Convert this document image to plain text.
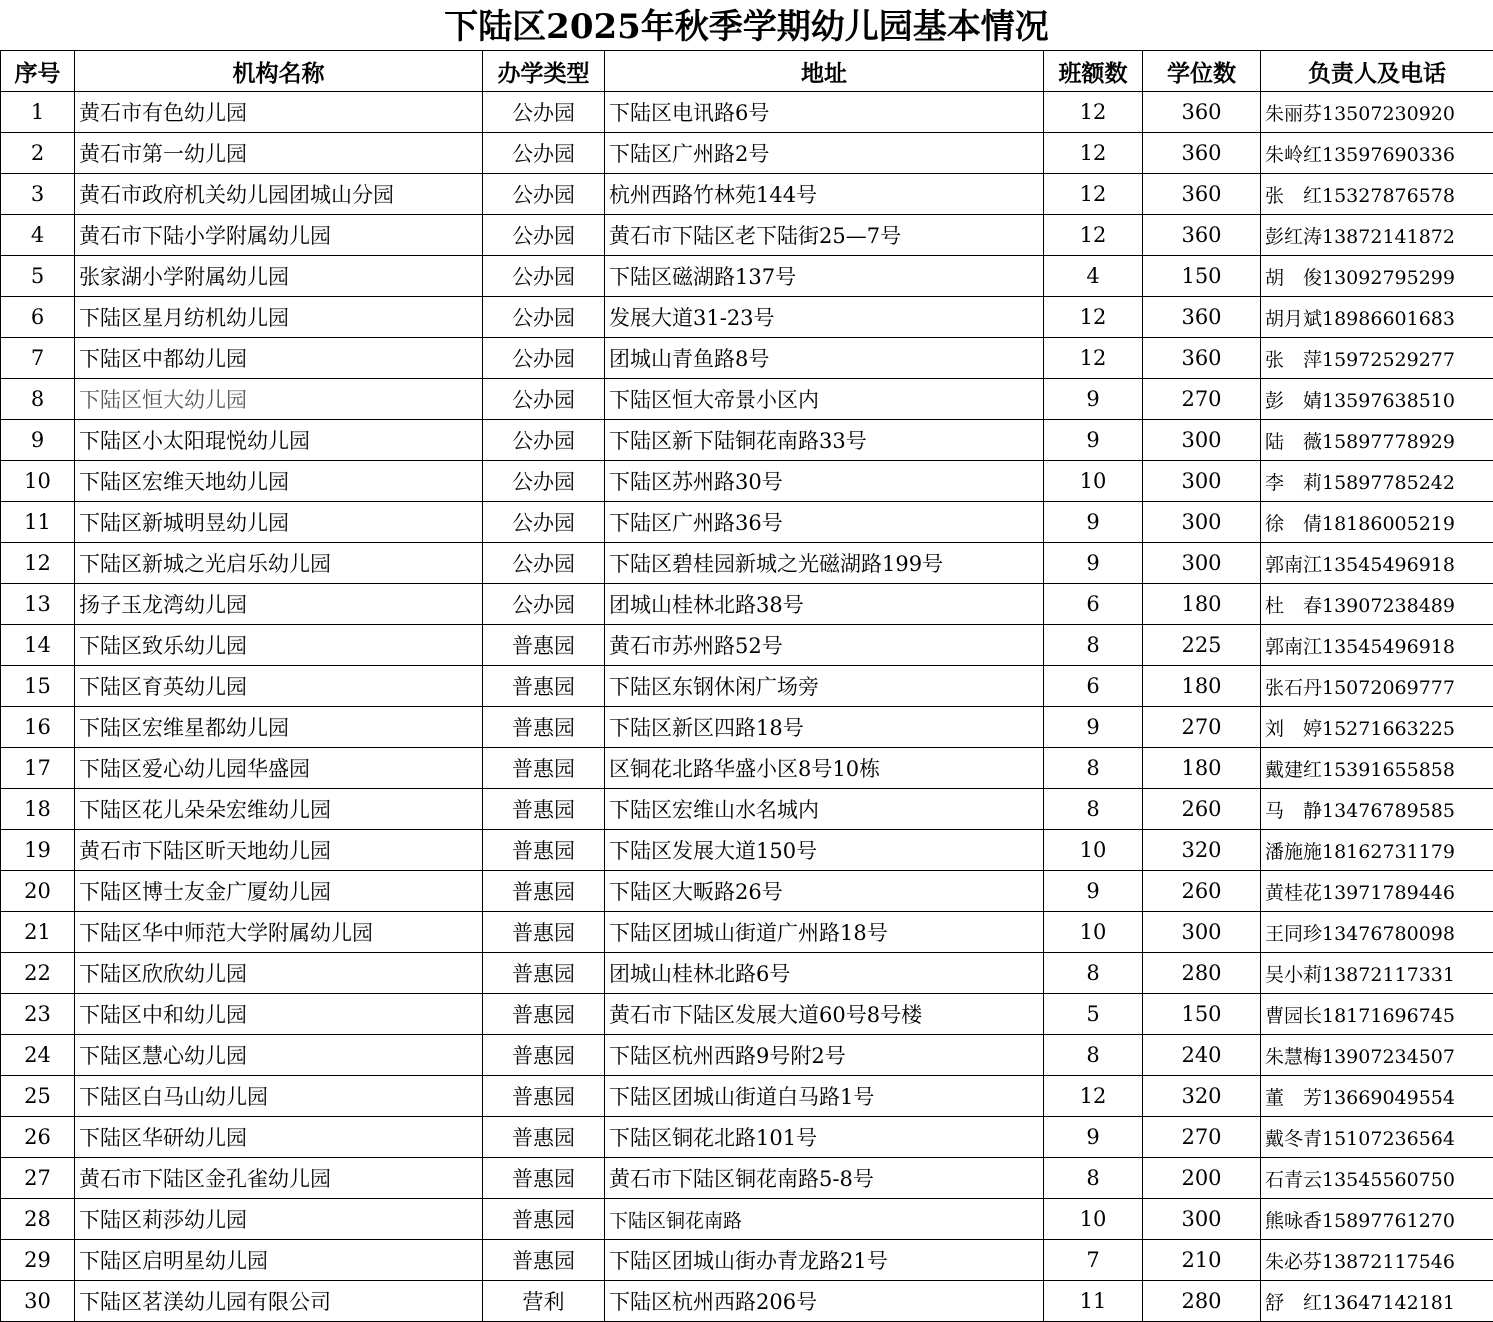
下陆区2025年秋季学期幼儿园基本情况
序号	机构名称	办学类型	地址	班额数	学位数	负责人及电话
1	黄石市有色幼儿园	公办园	下陆区电讯路6号	12	360	朱丽芬13507230920
2	黄石市第一幼儿园	公办园	下陆区广州路2号	12	360	朱岭红13597690336
3	黄石市政府机关幼儿园团城山分园	公办园	杭州西路竹林苑144号	12	360	张　红15327876578
4	黄石市下陆小学附属幼儿园	公办园	黄石市下陆区老下陆街25—7号	12	360	彭红涛13872141872
5	张家湖小学附属幼儿园	公办园	下陆区磁湖路137号	4	150	胡　俊13092795299
6	下陆区星月纺机幼儿园	公办园	发展大道31-23号	12	360	胡月斌18986601683
7	下陆区中都幼儿园	公办园	团城山青鱼路8号	12	360	张　萍15972529277
8	下陆区恒大幼儿园	公办园	下陆区恒大帝景小区内	9	270	彭　婧13597638510
9	下陆区小太阳琨悦幼儿园	公办园	下陆区新下陆铜花南路33号	9	300	陆　薇15897778929
10	下陆区宏维天地幼儿园	公办园	下陆区苏州路30号	10	300	李　莉15897785242
11	下陆区新城明昱幼儿园	公办园	下陆区广州路36号	9	300	徐　倩18186005219
12	下陆区新城之光启乐幼儿园	公办园	下陆区碧桂园新城之光磁湖路199号	9	300	郭南江13545496918
13	扬子玉龙湾幼儿园	公办园	团城山桂林北路38号	6	180	杜　春13907238489
14	下陆区致乐幼儿园	普惠园	黄石市苏州路52号	8	225	郭南江13545496918
15	下陆区育英幼儿园	普惠园	下陆区东钢休闲广场旁	6	180	张石丹15072069777
16	下陆区宏维星都幼儿园	普惠园	下陆区新区四路18号	9	270	刘　婷15271663225
17	下陆区爱心幼儿园华盛园	普惠园	区铜花北路华盛小区8号10栋	8	180	戴建红15391655858
18	下陆区花儿朵朵宏维幼儿园	普惠园	下陆区宏维山水名城内	8	260	马　静13476789585
19	黄石市下陆区昕天地幼儿园	普惠园	下陆区发展大道150号	10	320	潘施施18162731179
20	下陆区博士友金广厦幼儿园	普惠园	下陆区大畈路26号	9	260	黄桂花13971789446
21	下陆区华中师范大学附属幼儿园	普惠园	下陆区团城山街道广州路18号	10	300	王同珍13476780098
22	下陆区欣欣幼儿园	普惠园	团城山桂林北路6号	8	280	吴小莉13872117331
23	下陆区中和幼儿园	普惠园	黄石市下陆区发展大道60号8号楼	5	150	曹园长18171696745
24	下陆区慧心幼儿园	普惠园	下陆区杭州西路9号附2号	8	240	朱慧梅13907234507
25	下陆区白马山幼儿园	普惠园	下陆区团城山街道白马路1号	12	320	董　芳13669049554
26	下陆区华研幼儿园	普惠园	下陆区铜花北路101号	9	270	戴冬青15107236564
27	黄石市下陆区金孔雀幼儿园	普惠园	黄石市下陆区铜花南路5-8号	8	200	石青云13545560750
28	下陆区莉莎幼儿园	普惠园	下陆区铜花南路	10	300	熊咏香15897761270
29	下陆区启明星幼儿园	普惠园	下陆区团城山街办青龙路21号	7	210	朱必芬13872117546
30	下陆区茗渼幼儿园有限公司	营利	下陆区杭州西路206号	11	280	舒　红13647142181
